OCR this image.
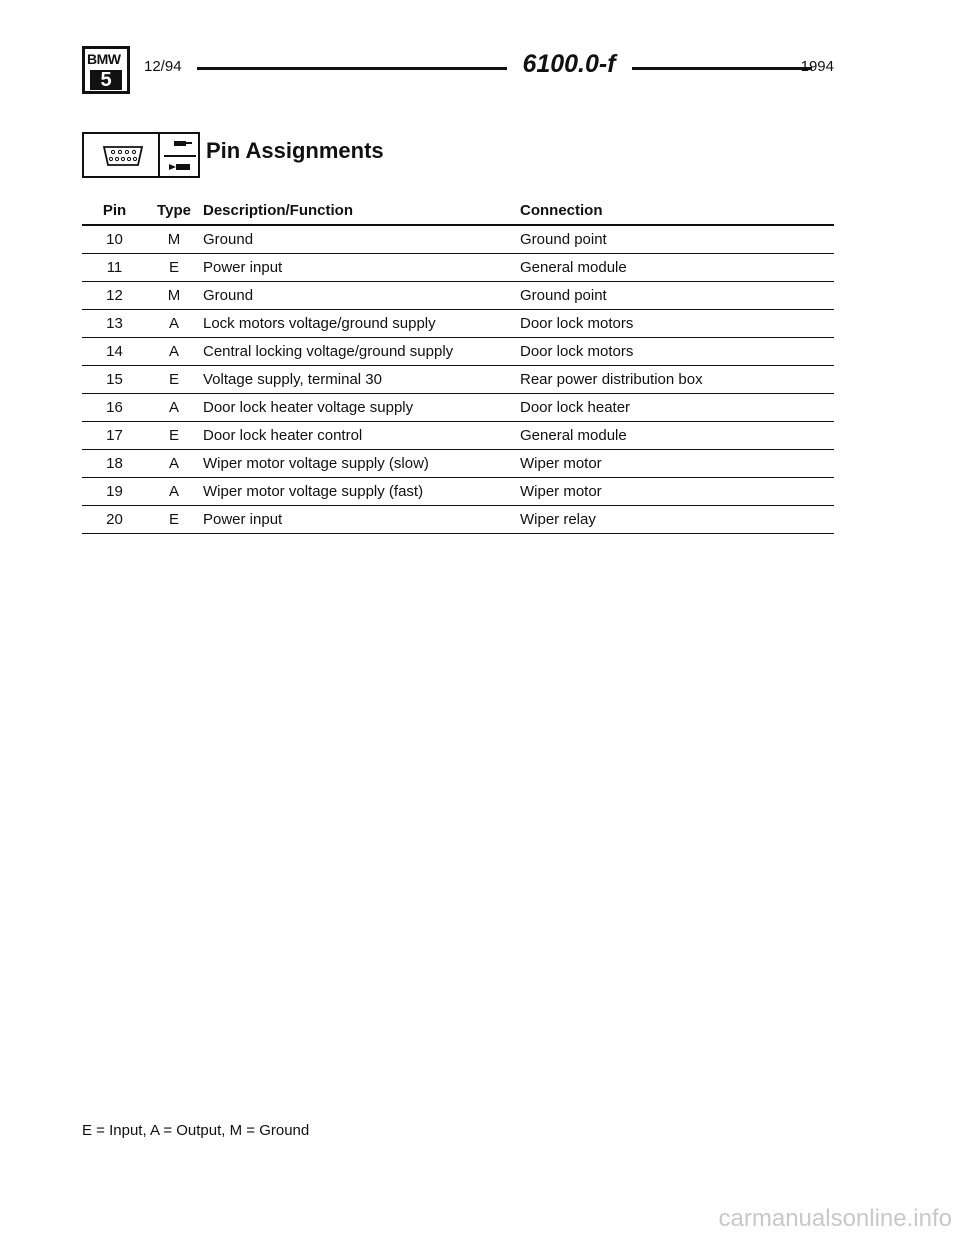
BMW
5
12/94	6100.0-f	1994
Pin Assignments
Pin	Type	Description/Function	Connection
10	M	Ground	Ground point
11	E	Power input	General module
12	M	Ground	Ground point
13	A	Lock motors voltage/ground supply	Door lock motors
14	A	Central locking voltage/ground supply	Door lock motors
15	E	Voltage supply, terminal 30	Rear power distribution box
16	A	Door lock heater voltage supply	Door lock heater
17	E	Door lock heater control	General module
18	A	Wiper motor voltage supply (slow)	Wiper motor
19	A	Wiper motor voltage supply (fast)	Wiper motor
20	E	Power input	Wiper relay
E = Input, A = Output, M = Ground
carmanualsonline.info
